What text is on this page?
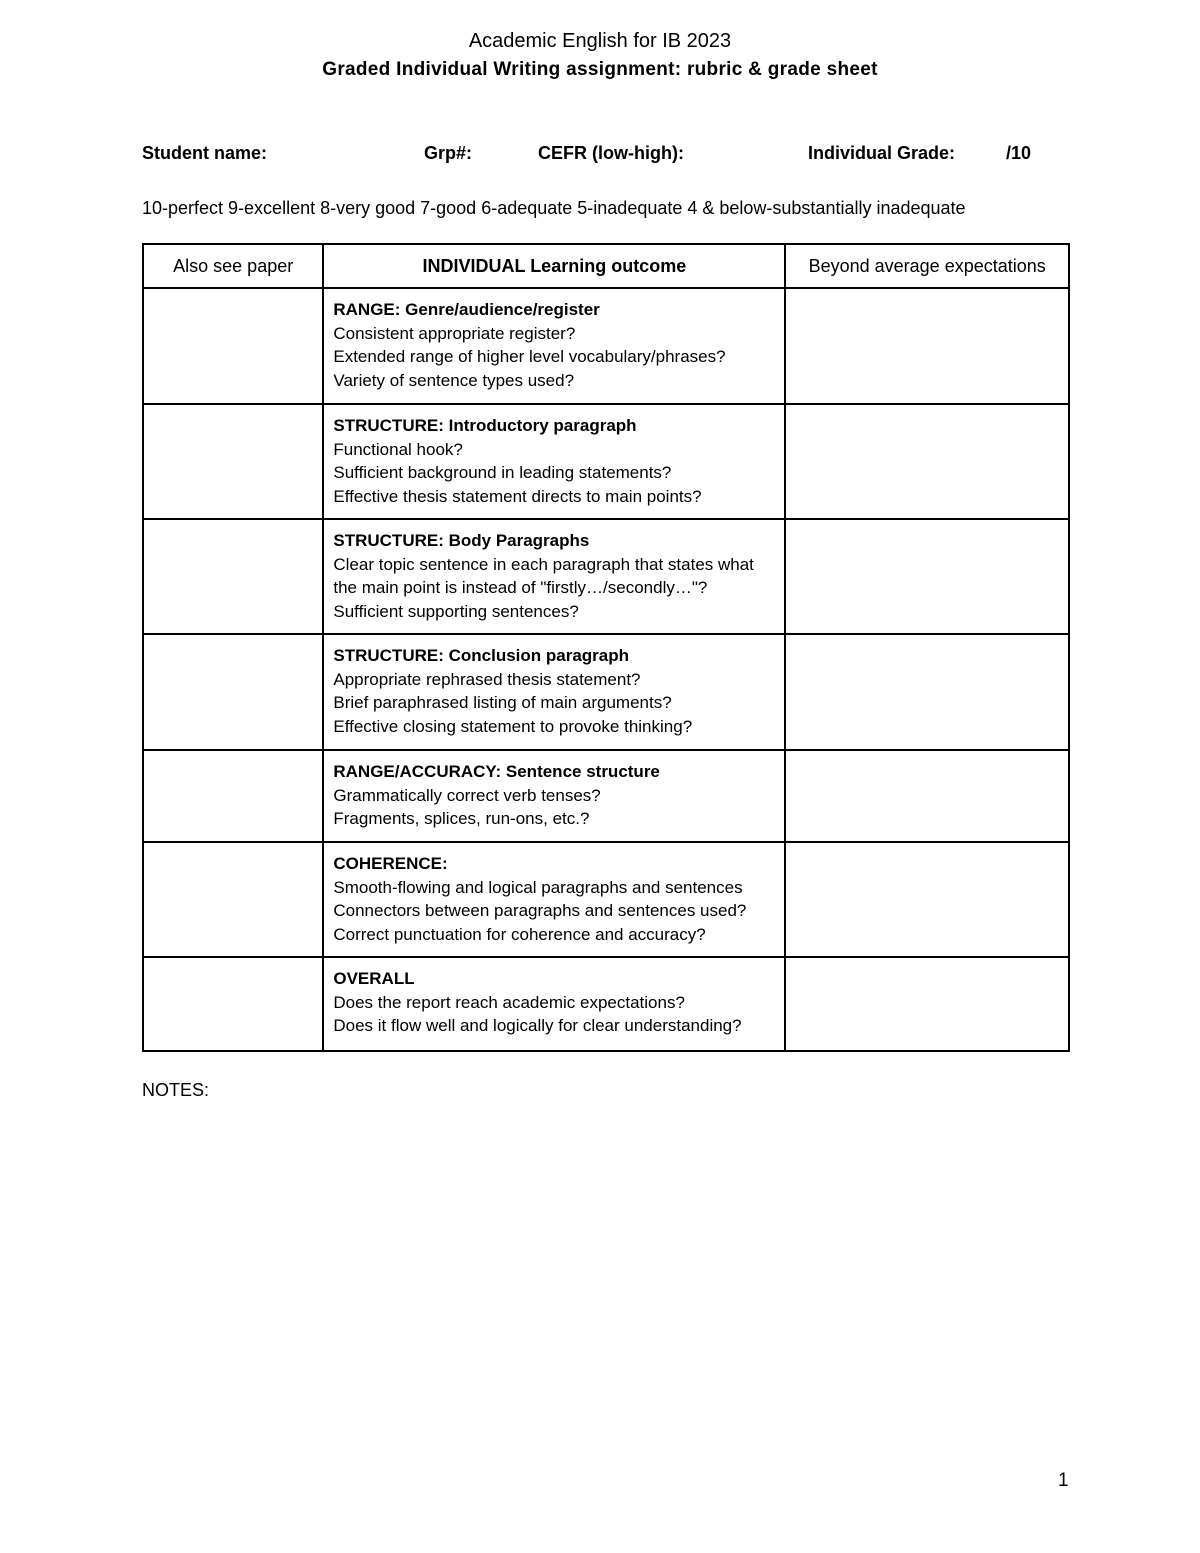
Academic English for IB 2023
Graded Individual Writing assignment: rubric & grade sheet
Student name:	Grp#:	CEFR (low-high):	Individual Grade:	/10
10-perfect 9-excellent 8-very good 7-good 6-adequate 5-inadequate 4 & below-substantially inadequate
Also see paper	INDIVIDUAL Learning outcome	Beyond average expectations

	RANGE: Genre/audience/register
Consistent appropriate register?
Extended range of higher level vocabulary/phrases?
Variety of sentence types used?	

	STRUCTURE: Introductory paragraph
Functional hook?
Sufficient background in leading statements?
Effective thesis statement directs to main points?	

	STRUCTURE: Body Paragraphs
Clear topic sentence in each paragraph that states what the main point is instead of "firstly…/secondly…"?
Sufficient supporting sentences?	

	STRUCTURE: Conclusion paragraph
Appropriate rephrased thesis statement?
Brief paraphrased listing of main arguments?
Effective closing statement to provoke thinking?	

	RANGE/ACCURACY: Sentence structure
Grammatically correct verb tenses?
Fragments, splices, run-ons, etc.?	

	COHERENCE:
Smooth-flowing and logical paragraphs and sentences
Connectors between paragraphs and sentences used?
Correct punctuation for coherence and accuracy?	

	OVERALL
Does the report reach academic expectations?
Does it flow well and logically for clear understanding?	

NOTES:
1
